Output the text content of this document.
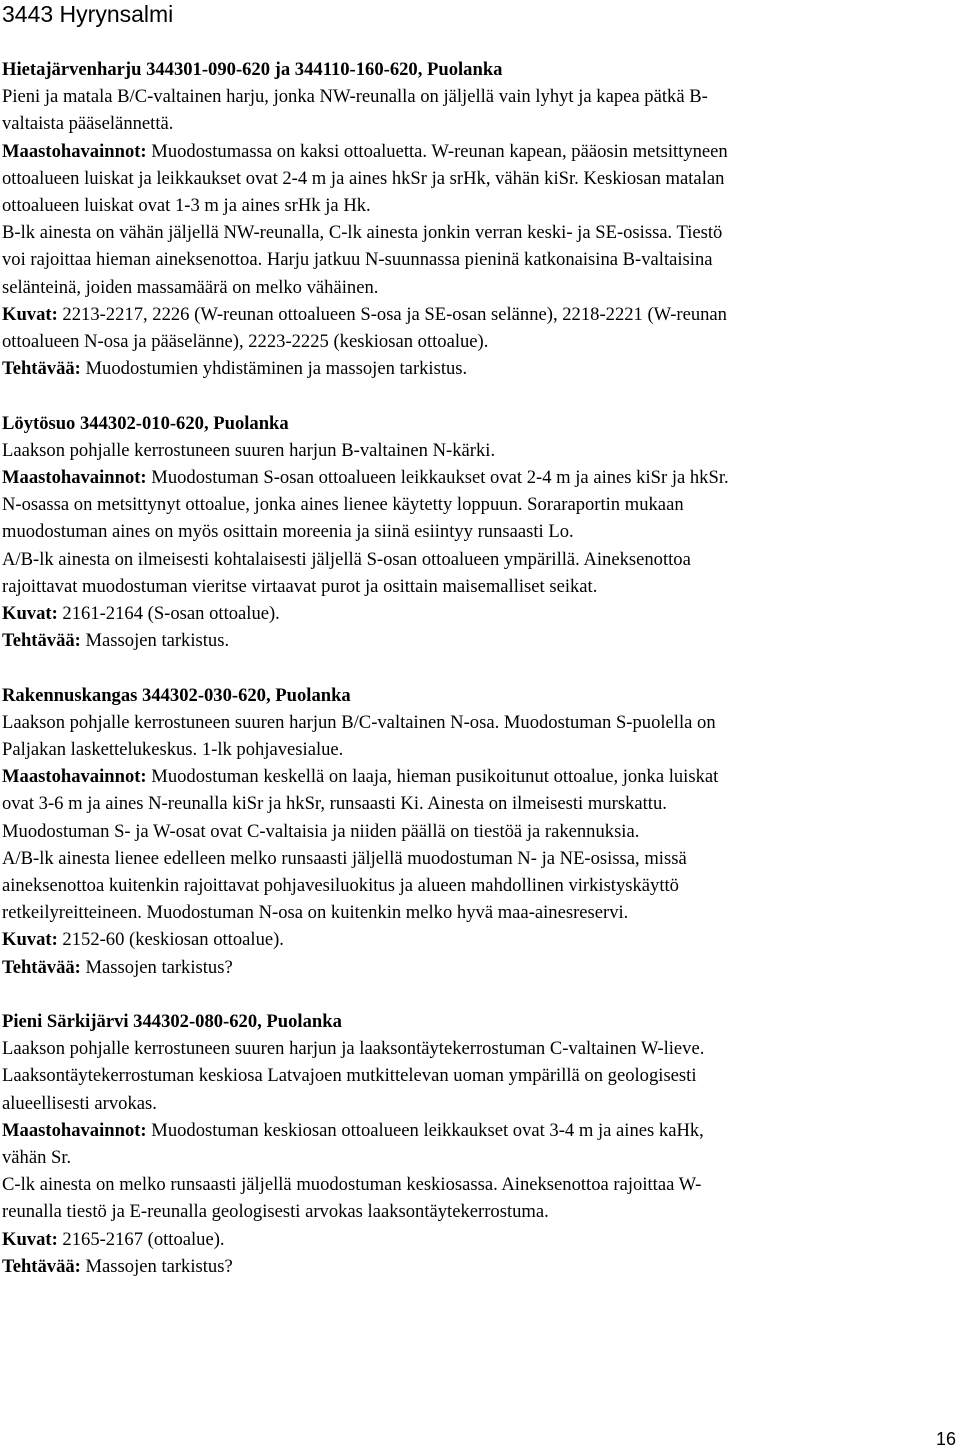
3443 Hyrynsalmi

Hietajärvenharju 344301-090-620 ja 344110-160-620, Puolanka

Pieni ja matala B/C-valtainen harju, jonka NW-reunalla on jäljellä vain lyhyt ja kapea pätkä B-

valtaista pääselännettä.

Maastohavainnot: Muodostumassa on kaksi ottoaluetta. W-reunan kapean, pääosin metsittyneen

ottoalueen luiskat ja leikkaukset ovat 2-4 m ja aines hkSr ja srHk, vähän kiSr. Keskiosan matalan

ottoalueen luiskat ovat 1-3 m ja aines srHk ja Hk.

B-lk ainesta on vähän jäljellä NW-reunalla, C-lk ainesta jonkin verran keski- ja SE-osissa. Tiestö

voi rajoittaa hieman aineksenottoa. Harju jatkuu N-suunnassa pieninä katkonaisina B-valtaisina

selänteinä, joiden massamäärä on melko vähäinen.

Kuvat: 2213-2217, 2226 (W-reunan ottoalueen S-osa ja SE-osan selänne), 2218-2221 (W-reunan

ottoalueen N-osa ja pääselänne), 2223-2225 (keskiosan ottoalue).

Tehtävää: Muodostumien yhdistäminen ja massojen tarkistus.

Löytösuo 344302-010-620, Puolanka

Laakson pohjalle kerrostuneen suuren harjun B-valtainen N-kärki.

Maastohavainnot: Muodostuman S-osan ottoalueen leikkaukset ovat 2-4 m ja aines kiSr ja hkSr.

N-osassa on metsittynyt ottoalue, jonka aines lienee käytetty loppuun. Soraraportin mukaan

muodostuman aines on myös osittain moreenia ja siinä esiintyy runsaasti Lo.

A/B-lk ainesta on ilmeisesti kohtalaisesti jäljellä S-osan ottoalueen ympärillä. Aineksenottoa

rajoittavat muodostuman vieritse virtaavat purot ja osittain maisemalliset seikat.

Kuvat: 2161-2164 (S-osan ottoalue).

Tehtävää: Massojen tarkistus.

Rakennuskangas 344302-030-620, Puolanka

Laakson pohjalle kerrostuneen suuren harjun B/C-valtainen N-osa. Muodostuman S-puolella on

Paljakan laskettelukeskus. 1-lk pohjavesialue.

Maastohavainnot: Muodostuman keskellä on laaja, hieman pusikoitunut ottoalue, jonka luiskat

ovat 3-6 m ja aines N-reunalla kiSr ja hkSr, runsaasti Ki. Ainesta on ilmeisesti murskattu.

Muodostuman S- ja W-osat ovat C-valtaisia ja niiden päällä on tiestöä ja rakennuksia.

A/B-lk ainesta lienee edelleen melko runsaasti jäljellä muodostuman N- ja NE-osissa, missä

aineksenottoa kuitenkin rajoittavat pohjavesiluokitus ja alueen mahdollinen virkistyskäyttö

retkeilyreitteineen. Muodostuman N-osa on kuitenkin melko hyvä maa-ainesreservi.

Kuvat: 2152-60 (keskiosan ottoalue).

Tehtävää: Massojen tarkistus?

Pieni Särkijärvi 344302-080-620, Puolanka

Laakson pohjalle kerrostuneen suuren harjun ja laaksontäytekerrostuman C-valtainen W-lieve.

Laaksontäytekerrostuman keskiosa Latvajoen mutkittelevan uoman ympärillä on geologisesti

alueellisesti arvokas.

Maastohavainnot: Muodostuman keskiosan ottoalueen leikkaukset ovat 3-4 m ja aines kaHk,

vähän Sr.

C-lk ainesta on melko runsaasti jäljellä muodostuman keskiosassa. Aineksenottoa rajoittaa W-

reunalla tiestö ja E-reunalla geologisesti arvokas laaksontäytekerrostuma.

Kuvat: 2165-2167 (ottoalue).

Tehtävää: Massojen tarkistus?

16
